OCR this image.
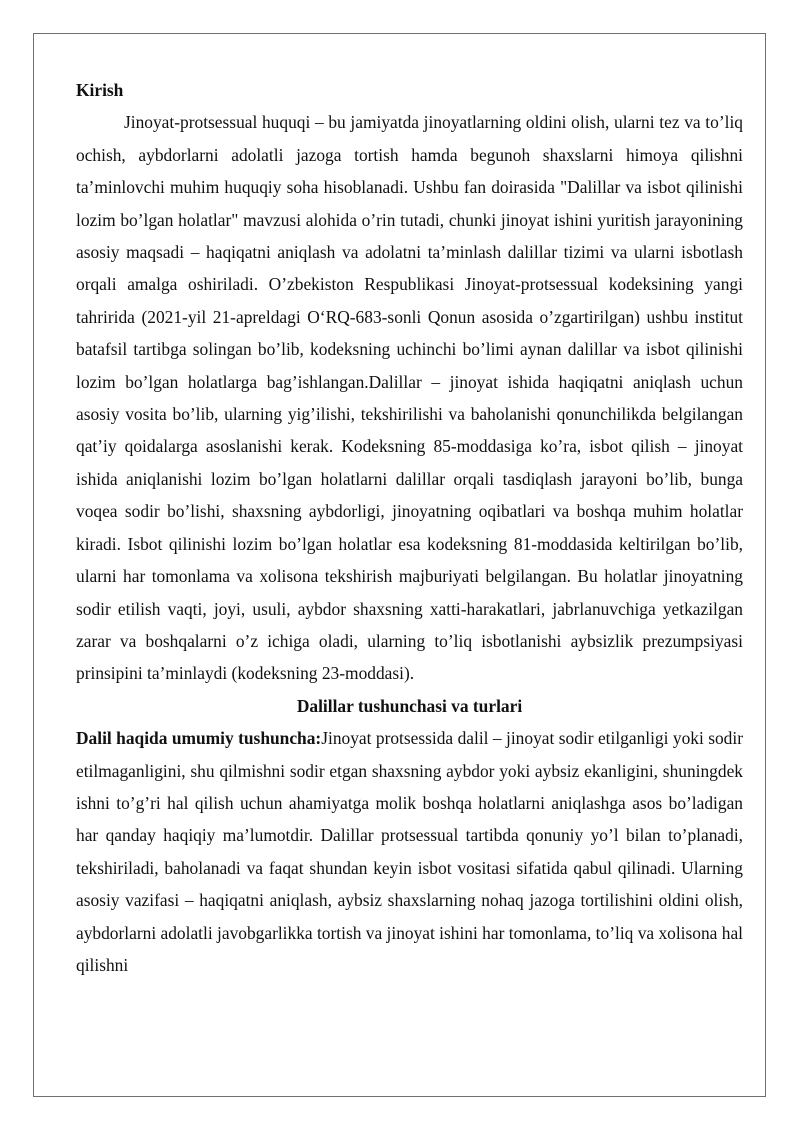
Kirish

Jinoyat-protsessual huquqi – bu jamiyatda jinoyatlarning oldini olish, ularni tez va to’liq ochish, aybdorlarni adolatli jazoga tortish hamda begunoh shaxslarni himoya qilishni ta’minlovchi muhim huquqiy soha hisoblanadi. Ushbu fan doirasida "Dalillar va isbot qilinishi lozim bo’lgan holatlar" mavzusi alohida o’rin tutadi, chunki jinoyat ishini yuritish jarayonining asosiy maqsadi – haqiqatni aniqlash va adolatni ta’minlash dalillar tizimi va ularni isbotlash orqali amalga oshiriladi. O’zbekiston Respublikasi Jinoyat-protsessual kodeksining yangi tahririda (2021-yil 21-apreldagi O‘RQ-683-sonli Qonun asosida o’zgartirilgan) ushbu institut batafsil tartibga solingan bo’lib, kodeksning uchinchi bo’limi aynan dalillar va isbot qilinishi lozim bo’lgan holatlarga bag’ishlangan.Dalillar – jinoyat ishida haqiqatni aniqlash uchun asosiy vosita bo’lib, ularning yig’ilishi, tekshirilishi va baholanishi qonunchilikda belgilangan qat’iy qoidalarga asoslanishi kerak. Kodeksning 85-moddasiga ko’ra, isbot qilish – jinoyat ishida aniqlanishi lozim bo’lgan holatlarni dalillar orqali tasdiqlash jarayoni bo’lib, bunga voqea sodir bo’lishi, shaxsning aybdorligi, jinoyatning oqibatlari va boshqa muhim holatlar kiradi. Isbot qilinishi lozim bo’lgan holatlar esa kodeksning 81-moddasida keltirilgan bo’lib, ularni har tomonlama va xolisona tekshirish majburiyati belgilangan. Bu holatlar jinoyatning sodir etilish vaqti, joyi, usuli, aybdor shaxsning xatti-harakatlari, jabrlanuvchiga yetkazilgan zarar va boshqalarni o’z ichiga oladi, ularning to’liq isbotlanishi aybsizlik prezumpsiyasi prinsipini ta’minlaydi (kodeksning 23-moddasi).

Dalillar tushunchasi va turlari

Dalil haqida umumiy tushuncha:Jinoyat protsessida dalil – jinoyat sodir etilganligi yoki sodir etilmaganligini, shu qilmishni sodir etgan shaxsning aybdor yoki aybsiz ekanligini, shuningdek ishni to’g’ri hal qilish uchun ahamiyatga molik boshqa holatlarni aniqlashga asos bo’ladigan har qanday haqiqiy ma’lumotdir. Dalillar protsessual tartibda qonuniy yo’l bilan to’planadi, tekshiriladi, baholanadi va faqat shundan keyin isbot vositasi sifatida qabul qilinadi. Ularning asosiy vazifasi – haqiqatni aniqlash, aybsiz shaxslarning nohaq jazoga tortilishini oldini olish, aybdorlarni adolatli javobgarlikka tortish va jinoyat ishini har tomonlama, to’liq va xolisona hal qilishni
